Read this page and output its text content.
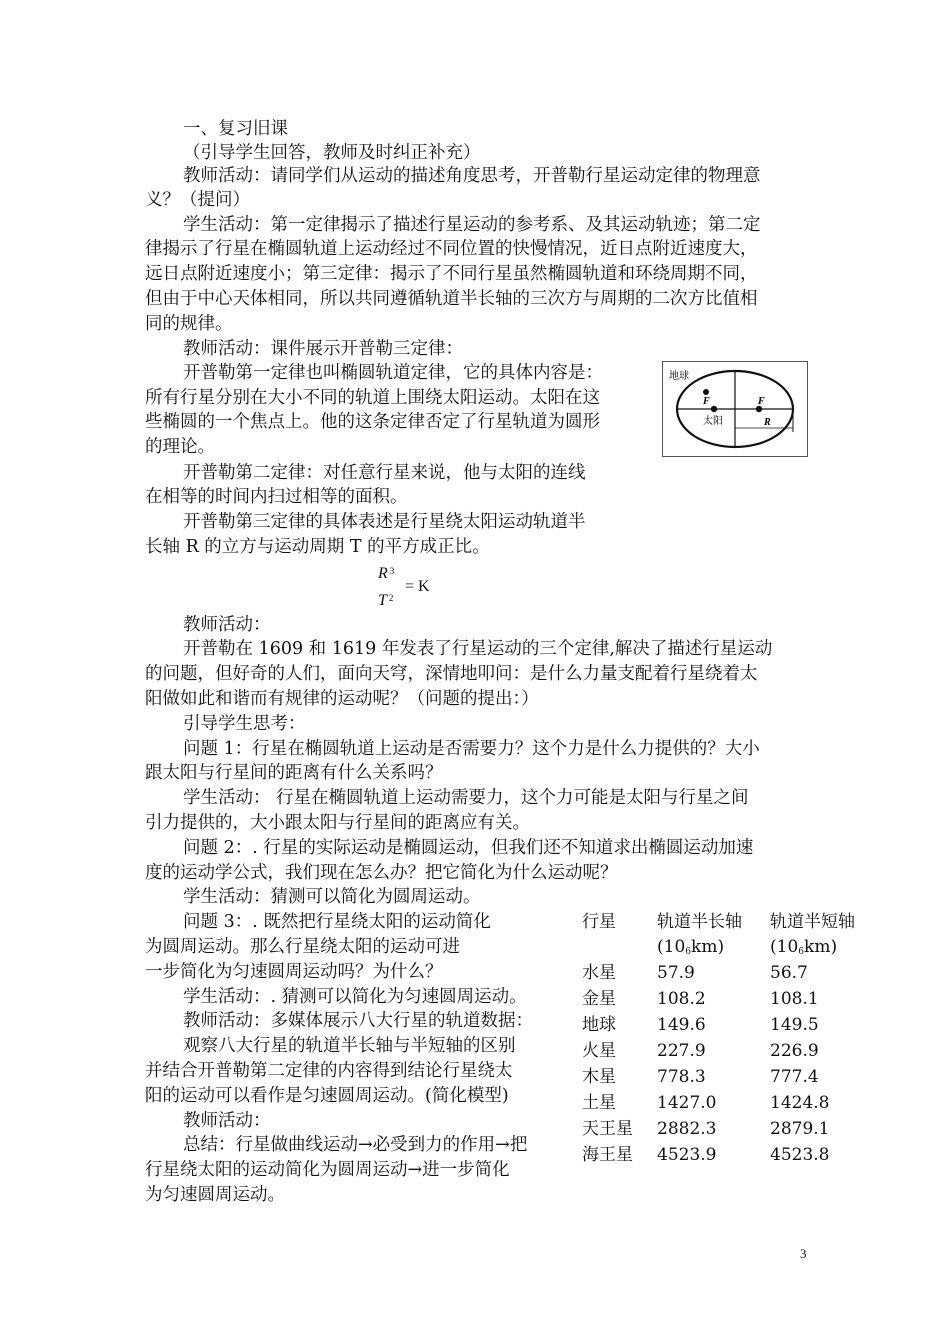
一、复习旧课
（引导学生回答，教师及时纠正补充）
教师活动：请同学们从运动的描述角度思考，开普勒行星运动定律的物理意
义？（提问）
学生活动：第一定律揭示了描述行星运动的参考系、及其运动轨迹；第二定
律揭示了行星在椭圆轨道上运动经过不同位置的快慢情况，近日点附近速度大，
远日点附近速度小；第三定律：揭示了不同行星虽然椭圆轨道和环绕周期不同，
但由于中心天体相同，所以共同遵循轨道半长轴的三次方与周期的二次方比值相
同的规律。
教师活动：课件展示开普勒三定律：
开普勒第一定律也叫椭圆轨道定律，它的具体内容是：
所有行星分别在大小不同的轨道上围绕太阳运动。太阳在这
些椭圆的一个焦点上。他的这条定律否定了行星轨道为圆形
的理论。
开普勒第二定律：对任意行星来说，他与太阳的连线
在相等的时间内扫过相等的面积。
开普勒第三定律的具体表述是行星绕太阳运动轨道半
长轴 R 的立方与运动周期 T 的平方成正比。
R $^3$
T $^2$
= K
教师活动：
开普勒在 1609 和 1619 年发表了行星运动的三个定律,解决了描述行星运动
的问题，但好奇的人们，面向天穹，深情地叩问：是什么力量支配着行星绕着太
阳做如此和谐而有规律的运动呢？（问题的提出：）
引导学生思考：
问题 1：行星在椭圆轨道上运动是否需要力？这个力是什么力提供的？大小
跟太阳与行星间的距离有什么关系吗？
学生活动： 行星在椭圆轨道上运动需要力，这个力可能是太阳与行星之间
引力提供的，大小跟太阳与行星间的距离应有关。
问题 2：. 行星的实际运动是椭圆运动，但我们还不知道求出椭圆运动加速
度的运动学公式，我们现在怎么办？把它简化为什么运动呢？
学生活动：猜测可以简化为圆周运动。
问题 3：. 既然把行星绕太阳的运动简化
为圆周运动。那么行星绕太阳的运动可进
一步简化为匀速圆周运动吗？为什么？
学生活动：. 猜测可以简化为匀速圆周运动。
教师活动：多媒体展示八大行星的轨道数据：
观察八大行星的轨道半长轴与半短轴的区别
并结合开普勒第二定律的内容得到结论行星绕太
阳的运动可以看作是匀速圆周运动。(简化模型)
教师活动：
总结：行星做曲线运动→必受到力的作用→把
行星绕太阳的运动简化为圆周运动→进一步简化
为匀速圆周运动。
地球
F	F
太阳	R
行星 轨道半长轴 轨道半短轴
(106km)	(106km)
水星 57.9	56.7
金星 108.2	108.1
地球 149.6	149.5
火星 227.9	226.9
木星 778.3	777.4
土星 1427.0	1424.8
天王星 2882.3	2879.1
海王星 4523.9	4523.8
3
